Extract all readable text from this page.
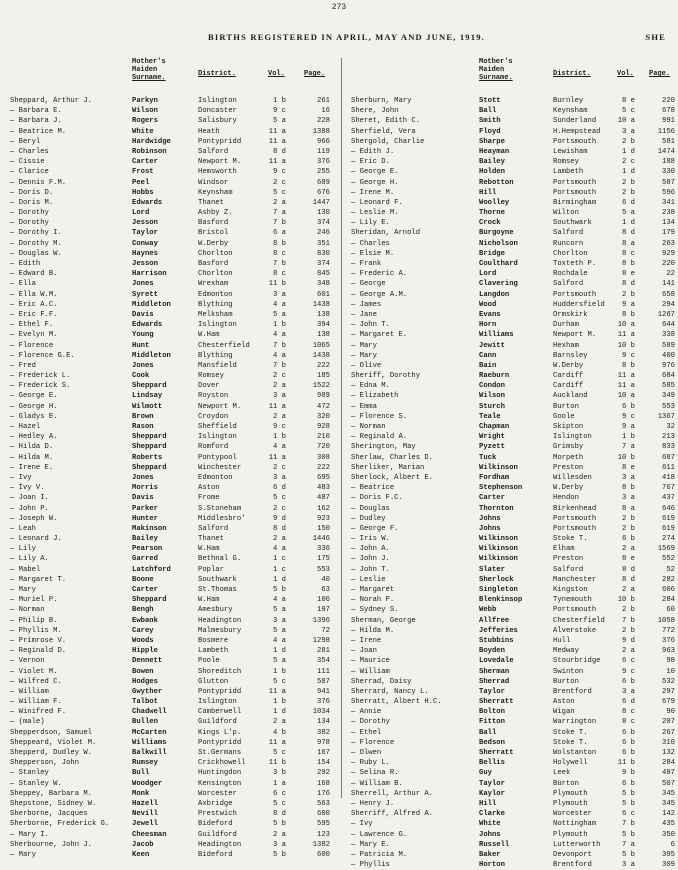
273
BIRTHS REGISTERED IN APRIL, MAY AND JUNE, 1919.	SHE
Mother's
Maiden
Surname.	District.	Vol.	Page.
Mother's
Maiden
Surname.	District.	Vol. Page.
Sheppard, Arthur J.	Parkyn	Islington	1 b	261
— Barbara E.	Wilson	Doncaster	9 c	16
— Barbara J.	Rogers	Salisbury	5 a	228
— Beatrice M.	White	Heath	11 a	1388
— Beryl	Hardwidge	Pontypridd	11 a	966
— Charles	Robinson	Salford	8 d	119
— Cissie	Carter	Newport M.	11 a	376
— Clarice	Frost	Hemsworth	9 c	255
— Dennis F.M.	Peel	Windsor	2 c	689
— Doris D.	Hobbs	Keynsham	5 c	676
— Doris M.	Edwards	Thanet	2 a	1447
— Dorothy	Lord	Ashby Z.	7 a	130
— Dorothy	Jesson	Basford	7 b	374
— Dorothy I.	Taylor	Bristol	6 a	246
— Dorothy M.	Conway	W.Derby	8 b	351
— Douglas W.	Haynes	Chorlton	8 c	830
— Edith	Jesson	Basford	7 b	374
— Edward B.	Harrison	Chorlton	8 c	845
— Ella	Jones	Wrexham	11 b	348
— Ella W.M.	Syrett	Edmonton	3 a	601
— Eric A.C.	Middleton	Blything	4 a	1438
— Eric F.F.	Davis	Melksham	5 a	138
— Ethel F.	Edwards	Islington	1 b	394
— Evelyn M.	Young	W.Ham	4 a	138
— Florence	Hunt	Chesterfield	7 b	1065
— Florence G.E.	Middleton	Blything	4 a	1438
— Fred	Jones	Mansfield	7 b	222
— Frederick L.	Cook	Romsey	2 c	185
— Frederick S.	Sheppard	Dover	2 a	1522
— George E.	Lindsay	Royston	3 a	989
— George H.	Wilmott	Newport M.	11 a	472
— Gladys E.	Brown	Croydon	2 a	320
— Hazel	Rason	Sheffield	9 c	928
— Hedley A.	Sheppard	Islington	1 b	210
— Hilda D.	Sheppard	Romford	4 a	720
— Hilda M.	Roberts	Pontypool	11 a	308
— Irene E.	Sheppard	Winchester	2 c	222
— Ivy	Jones	Edmonton	3 a	695
— Ivy V.	Morris	Aston	6 d	483
— Joan I.	Davis	Frome	5 c	487
— John P.	Parker	S.Stoneham	2 c	162
— Joseph W.	Hunter	Middlesbro'	9 d	923
— Leah	Makinson	Salford	8 d	150
— Leonard J.	Bailey	Thanet	2 a	1446
— Lily	Pearson	W.Ham	4 a	336
— Lily A.	Garred	Bethnal G.	1 c	175
— Mabel	Latchford	Poplar	1 c	553
— Margaret T.	Boone	Southwark	1 d	40
— Mary	Carter	St.Thomas	5 b	63
— Muriel P.	Sheppard	W.Ham	4 a	106
— Norman	Bengh	Amesbury	5 a	197
— Philip B.	Ewbank	Headington	3 a	1396
— Phyllis M.	Carey	Malmesbury	5 a	72
— Primrose V.	Woods	Bosmere	4 a	1298
— Reginald D.	Hipple	Lambeth	1 d	281
— Vernon	Dennett	Poole	5 a	354
— Violet M.	Bowen	Shoreditch	1 b	111
— Wilfred C.	Hodges	Glutton	5 c	587
— William	Gwyther	Pontypridd	11 a	941
— William F.	Talbot	Islington	1 b	376
— Winifred F.	Chadwell	Camberwell	1 d	1034
— (male)	Bullen	Guildford	2 a	134
Shepperdson, Samuel	McCarten	Kings L'p.	4 b	382
Sheppeard, Violet M.	Williams	Pontypridd	11 a	978
Shepperd, Dudley W.	Balkwill	St.Germans	5 c	167
Shepperson, John	Rumsey	Crickhowell	11 b	154
— Stanley	Bull	Huntingdon	3 b	292
— Stanley W.	Woodger	Kensington	1 a	168
Sheppey, Barbara M.	Monk	Worcester	6 c	176
Shepstone, Sidney W.	Hazell	Axbridge	5 c	563
Sherborne, Jacques	Nevill	Prestwich	8 d	600
Sherborne, Frederick G.	Jewell	Bideford	5 b	595
— Mary I.	Cheesman	Guildford	2 a	123
Sherbourne, John J.	Jacob	Headington	3 a	1382
— Mary	Keen	Bideford	5 b	600
Sherburn, Mary	Stott	Burnley	8 e	220
Shere, John	Ball	Keynsham	5 c	678
Sheret, Edith C.	Smith	Sunderland	10 a	991
Sherfield, Vera	Floyd	H.Hempstead	3 a	1156
Shergold, Charlie	Sharpe	Portsmouth	2 b	581
— Edith J.	Heayman	Lewisham	1 d	1474
— Eric D.	Bailey	Romsey	2 c	188
— George E.	Holden	Lambeth	1 d	330
— George H.	Rebotton	Portsmouth	2 b	587
— Irene M.	Hill	Portsmouth	2 b	596
— Leonard F.	Woolley	Birmingham	6 d	341
— Leslie M.	Thorne	Wilton	5 a	238
— Lily E.	Crock	Southwark	1 d	134
Sheridan, Arnold	Burgoyne	Salford	8 d	179
— Charles	Nicholson	Runcorn	8 a	263
— Elsie M.	Bridge	Chorlton	8 c	929
— Frank	Coulthard	Toxteth P.	8 b	220
— Frederic A.	Lord	Rochdale	8 e	22
— George	Clavering	Salford	8 d	141
— George A.M.	Langdon	Portsmouth	2 b	658
— James	Wood	Huddersfield	9 a	294
— Jane	Evans	Ormskirk	8 b	1267
— John T.	Horn	Durham	10 a	644
— Margaret E.	Williams	Newport M.	11 a	338
— Mary	Jewitt	Hexham	10 b	589
— Mary	Cann	Barnsley	9 c	400
— Olive	Bain	W.Derby	8 b	976
Sheriff, Dorothy	Raeburn	Cardiff	11 a	684
— Edna M.	Condon	Cardiff	11 a	585
— Elizabeth	Wilson	Auckland	10 a	349
— Emma	Sturch	Burton	6 b	553
— Florence S.	Teale	Goole	9 c	1367
— Norman	Chapman	Skipton	9 a	32
— Reginald A.	Wright	Islington	1 b	213
Sherington, May	Pyzett	Grimsby	7 a	833
Sherlaw, Charles D.	Tuck	Morpeth	10 b	687
Sherliker, Marian	Wilkinson	Preston	8 e	611
Sherlock, Albert E.	Fordham	Willesden	3 a	418
— Beatrice	Stephenson	W.Derby	8 b	767
— Doris F.C.	Carter	Hendon	3 a	437
— Douglas	Thornton	Birkenhead	8 a	646
— Dudley	Johns	Portsmouth	2 b	619
— George F.	Johns	Portsmouth	2 b	619
— Iris W.	Wilkinson	Stoke T.	6 b	274
— John A.	Wilkinson	Elham	2 a	1569
— John J.	Wilkinson	Preston	8 e	552
— John T.	Slater	Salford	8 d	52
— Leslie	Sherlock	Manchester	8 d	282
— Margaret	Singleton	Kingston	2 a	606
— Norah P.	Blenkinsop	Tynemouth	10 b	284
— Sydney S.	Webb	Portsmouth	2 b	60
Sherman, George	Allfree	Chesterfield	7 b	1058
— Hilda M.	Jefferies	Alverstoke	2 b	772
— Irene	Stubbins	Hull	9 d	376
— Joan	Boyden	Medway	2 a	963
— Maurice	Lovedale	Stourbridge	6 c	98
— William	Sherman	Swinton	9 c	10
Sherrad, Daisy	Sherrad	Burton	6 b	532
Sherrard, Nancy L.	Taylor	Brentford	3 a	297
Sherratt, Albert H.C.	Sherratt	Aston	6 d	679
— Annie	Bolton	Wigan	8 c	90
— Dorothy	Fitton	Warrington	8 c	207
— Ethel	Ball	Stoke T.	6 b	267
— Florence	Bedson	Stoke T.	6 b	310
— Olwen	Sherratt	Wolstanton	6 b	132
— Ruby L.	Bellis	Holywell	11 b	284
— Selina R.	Guy	Leek	9 b	487
— William B.	Taylor	Burton	6 b	507
Sherrell, Arthur A.	Kaylor	Plymouth	5 b	345
— Henry J.	Hill	Plymouth	5 b	345
Sherriff, Alfred A.	Clarke	Worcester	6 c	142
— Ivy	White	Nottingham	7 b	435
— Lawrence G.	Johns	Plymouth	5 b	350
— Mary E.	Russell	Lutterworth	7 a	6
— Patricia M.	Baker	Devonport	5 b	395
— Phyllis	Horton	Brentford	3 a	309
